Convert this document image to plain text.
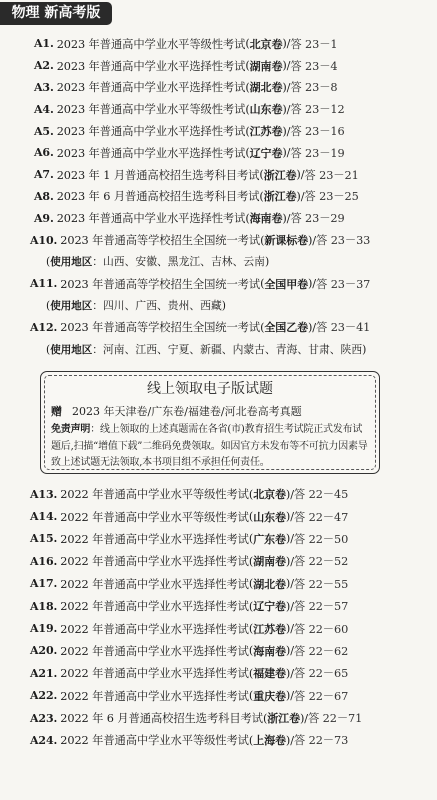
物理 新高考版
A1. 2023 年普通高中学业水平等级性考试 ( 北京卷 )/ 答 23－1
A2. 2023 年普通高中学业水平选择性考试 ( 湖南卷 )/ 答 23－4
A3. 2023 年普通高中学业水平选择性考试 ( 湖北卷 )/ 答 23－8
A4. 2023 年普通高中学业水平等级性考试 ( 山东卷 )/ 答 23－12
A5. 2023 年普通高中学业水平选择性考试 ( 江苏卷 )/ 答 23－16
A6. 2023 年普通高中学业水平选择性考试 ( 辽宁卷 )/ 答 23－19
A7. 2023 年 1 月普通高校招生选考科目考试 ( 浙江卷 )/ 答 23－21
A8. 2023 年 6 月普通高校招生选考科目考试 ( 浙江卷 )/ 答 23－25
A9. 2023 年普通高中学业水平选择性考试 ( 海南卷 )/ 答 23－29
A10. 2023 年普通高等学校招生全国统一考试 ( 新课标卷 )/ 答 23－33
( 使用地区 ： 山西、安徽、黑龙江、吉林、云南 )
A11. 2023 年普通高等学校招生全国统一考试 ( 全国甲卷 )/ 答 23－37
( 使用地区 ： 四川、广西、贵州、西藏 )
A12. 2023 年普通高等学校招生全国统一考试 ( 全国乙卷 )/ 答 23－41
( 使用地区 ： 河南、江西、宁夏、新疆、内蒙古、青海、甘肃、陕西 )
线上领取电子版试题
赠 2023 年天津卷/广东卷/福建卷/河北卷高考真题
免责声明：线上领取的上述真题需在各省(市)教育招生考试院正式发布试题后,扫描“增值下载”二维码免费领取。如因官方未发布等不可抗力因素导致上述试题无法领取,本书项目组不承担任何责任。
A13. 2022 年普通高中学业水平等级性考试 ( 北京卷 )/ 答 22－45
A14. 2022 年普通高中学业水平等级性考试 ( 山东卷 )/ 答 22－47
A15. 2022 年普通高中学业水平选择性考试 ( 广东卷 )/ 答 22－50
A16. 2022 年普通高中学业水平选择性考试 ( 湖南卷 )/ 答 22－52
A17. 2022 年普通高中学业水平选择性考试 ( 湖北卷 )/ 答 22－55
A18. 2022 年普通高中学业水平选择性考试 ( 辽宁卷 )/ 答 22－57
A19. 2022 年普通高中学业水平选择性考试 ( 江苏卷 )/ 答 22－60
A20. 2022 年普通高中学业水平选择性考试 ( 海南卷 )/ 答 22－62
A21. 2022 年普通高中学业水平选择性考试 ( 福建卷 )/ 答 22－65
A22. 2022 年普通高中学业水平选择性考试 ( 重庆卷 )/ 答 22－67
A23. 2022 年 6 月普通高校招生选考科目考试 ( 浙江卷 )/ 答 22－71
A24. 2022 年普通高中学业水平等级性考试 ( 上海卷 )/ 答 22－73
